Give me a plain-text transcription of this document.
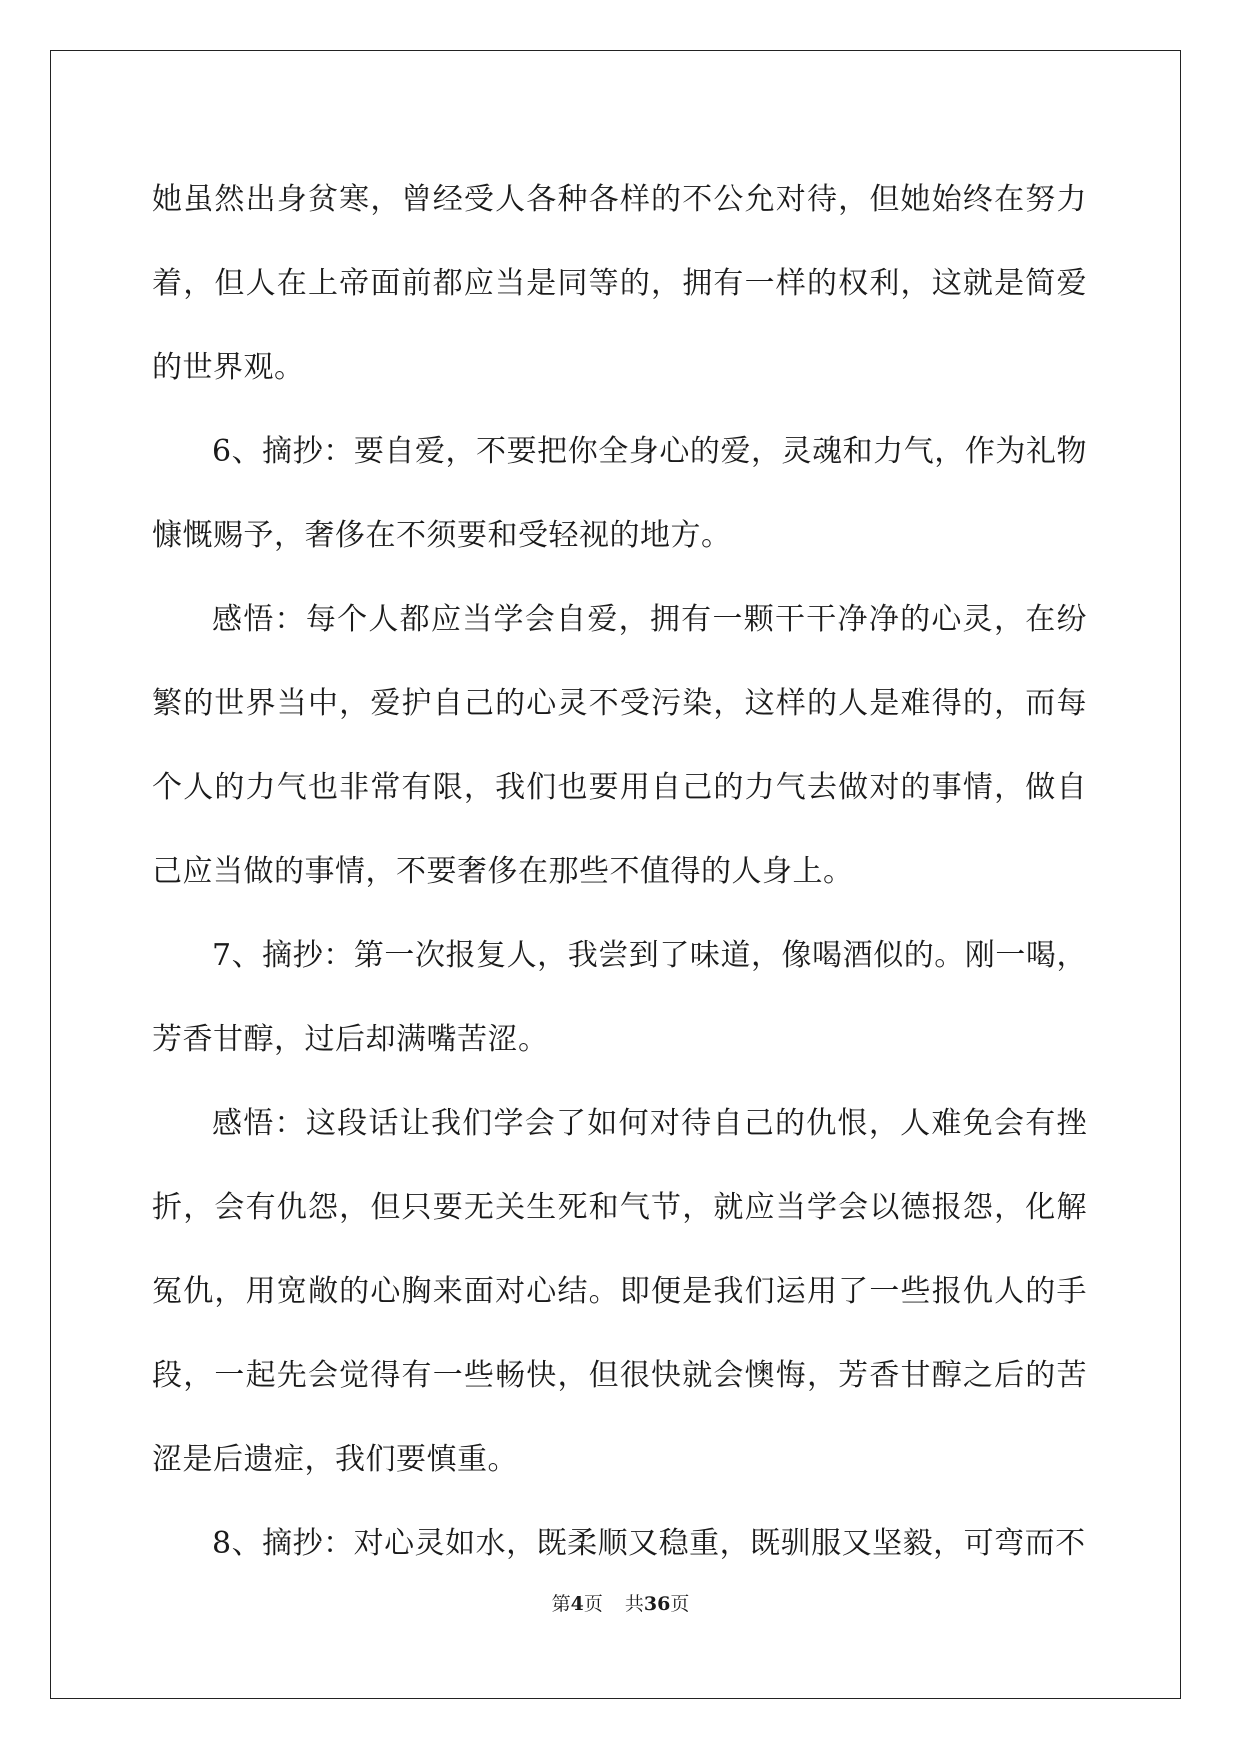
她虽然出身贫寒，曾经受人各种各样的不公允对待，但她始终在努力着，但人在上帝面前都应当是同等的，拥有一样的权利，这就是简爱的世界观。

6、摘抄：要自爱，不要把你全身心的爱，灵魂和力气，作为礼物慷慨赐予，奢侈在不须要和受轻视的地方。

感悟：每个人都应当学会自爱，拥有一颗干干净净的心灵，在纷繁的世界当中，爱护自己的心灵不受污染，这样的人是难得的，而每个人的力气也非常有限，我们也要用自己的力气去做对的事情，做自己应当做的事情，不要奢侈在那些不值得的人身上。

7、摘抄：第一次报复人，我尝到了味道，像喝酒似的。刚一喝，芳香甘醇，过后却满嘴苦涩。

感悟：这段话让我们学会了如何对待自己的仇恨，人难免会有挫折，会有仇怨，但只要无关生死和气节，就应当学会以德报怨，化解冤仇，用宽敞的心胸来面对心结。即便是我们运用了一些报仇人的手段，一起先会觉得有一些畅快，但很快就会懊悔，芳香甘醇之后的苦涩是后遗症，我们要慎重。

8、摘抄：对心灵如水，既柔顺又稳重，既驯服又坚毅，可弯而不

第4页 共36页
